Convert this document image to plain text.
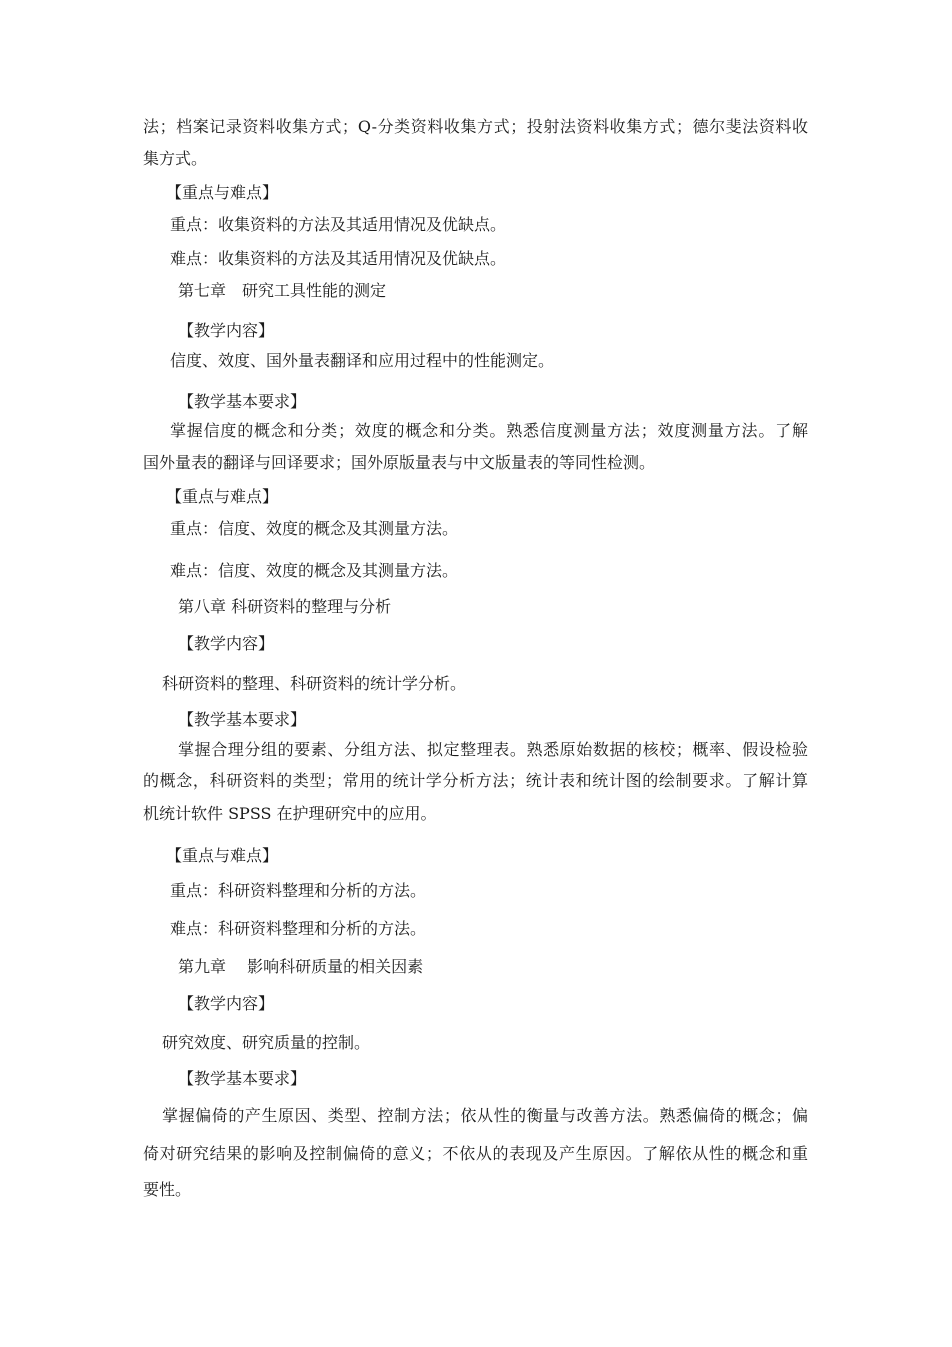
法；档案记录资料收集方式；Q-分类资料收集方式；投射法资料收集方式；德尔斐法资料收
集方式。
【重点与难点】
重点：收集资料的方法及其适用情况及优缺点。
难点：收集资料的方法及其适用情况及优缺点。
第七章　研究工具性能的测定
【教学内容】
信度、效度、国外量表翻译和应用过程中的性能测定。
【教学基本要求】
掌握信度的概念和分类；效度的概念和分类。熟悉信度测量方法；效度测量方法。了解
国外量表的翻译与回译要求；国外原版量表与中文版量表的等同性检测。
【重点与难点】
重点：信度、效度的概念及其测量方法。
难点：信度、效度的概念及其测量方法。
第八章 科研资料的整理与分析
【教学内容】
科研资料的整理、科研资料的统计学分析。
【教学基本要求】
掌握合理分组的要素、分组方法、拟定整理表。熟悉原始数据的核校；概率、假设检验
的概念，科研资料的类型；常用的统计学分析方法；统计表和统计图的绘制要求。了解计算
机统计软件 SPSS 在护理研究中的应用。
【重点与难点】
重点：科研资料整理和分析的方法。
难点：科研资料整理和分析的方法。
第九章　 影响科研质量的相关因素
【教学内容】
研究效度、研究质量的控制。
【教学基本要求】
掌握偏倚的产生原因、类型、控制方法；依从性的衡量与改善方法。熟悉偏倚的概念；偏
倚对研究结果的影响及控制偏倚的意义；不依从的表现及产生原因。了解依从性的概念和重
要性。
